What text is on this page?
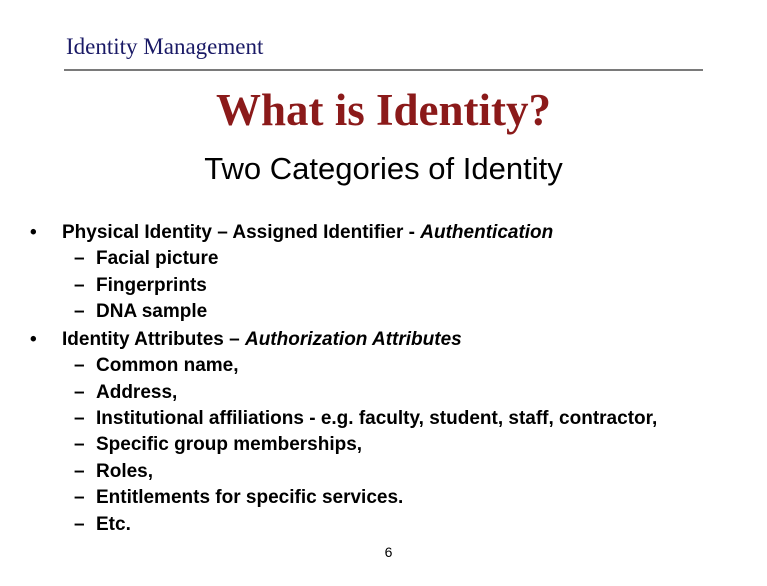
Identity Management
What is Identity?
Two Categories of Identity
• Physical Identity – Assigned Identifier - Authentication
– Facial picture
– Fingerprints
– DNA sample
• Identity Attributes – Authorization Attributes
– Common name,
– Address,
– Institutional affiliations - e.g. faculty, student, staff, contractor,
– Specific group memberships,
– Roles,
– Entitlements for specific services.
– Etc.
6
